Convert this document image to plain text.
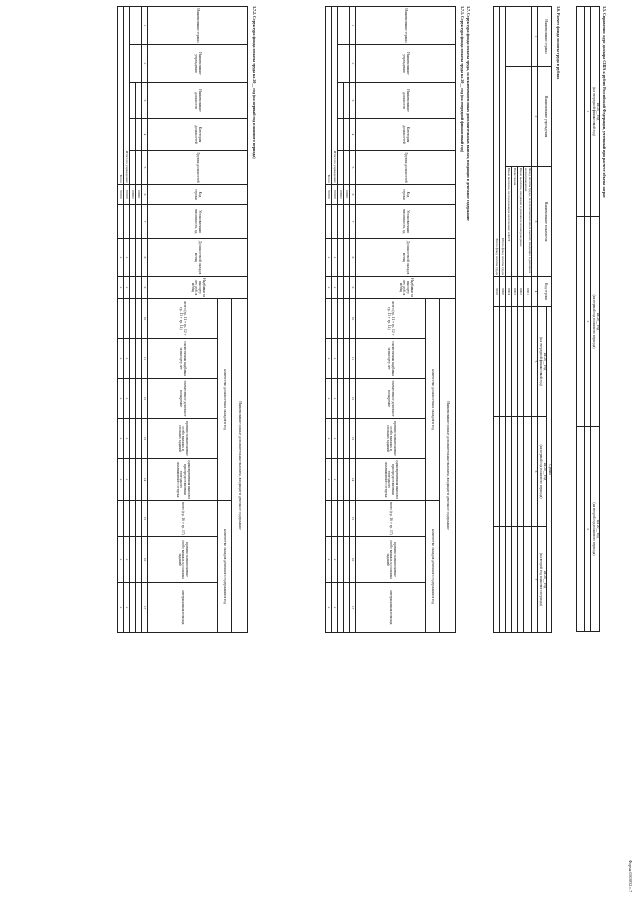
Форма 0503832 с.7
3.5. Справочно: курс доллара США к рублю Российской Федерации, учтенный при расчете объема затрат
на 20__ год
(на очередной финансовый год)	на 20__ год
(на первый год планового периода)	на 20__ год
(на второй год планового периода)
1	2	3

3.6. Расчет фонда оплаты труда в рублях
Наименование страны	Наименование учреждения	Наименование показателя	Код строки	Сумма		
				на 20__ год
(на очередной финансовый год)	на 20__ год
(на первый год планового периода)	на 20__ год
(на второй год планового периода)
1	2	3	4	5	6	7
		Фонд оплаты труда, за исключением иных выплат, входящих в денежное вознаграждение	0001			
		Иные выплаты, входящие в денежное вознаграждение	0002			
		Начисления	0003			
		Иные выплаты, не подлежащие включению в ФОТ	0004			
Итого фонд оплаты труда			9000			
Всего фонд оплаты труда			9010			
3.7. Структура фонда оплаты труда, за исключением иных дополнительных выплат, входящих в денежное содержание
3.7.1. Структура фонда оплаты труда на 20__ год (на очередной финансовый год)
Наименование страны	Наименование учреждения	Наименование должности	Категория должностей	Группа должностей	Код строки	Установленная численность, ед.	Должностной оклад в месяц	Надбавки за выслугу лет, руб. в месяц	Наименование и иные дополнительные выплаты, входящие в денежное содержание							
									количество должностных окладов в год					количество окладов денежного содержания в год		
									всего (гр. 11 + гр. 12 + гр. 13 + гр. 14)	ежемесячная надбавка за выслугу лет	ежемесячное денежное поощрение	премии за выполнение особо важных и сложных заданий	единовременная выплата при предоставлении ежегодного оплачиваемого отпуска	всего (гр. 16 + гр. 17)	премии за выполнение особо важных и сложных заданий	материальная помощь
1	2	3	4	5	6	7	8	9	10	11	12	13	14	15	16	17
					00001											
					00002											
Итого по учреждению					00100		x	x		x	x	x	x		x	x
Всего					90100		x	x		x	x	x	x		x	x
3.7.2. Структура фонда оплаты труда на 20__ год (на первый год планового периода)
Наименование страны	Наименование учреждения	Наименование должности	Категория должностей	Группа должностей	Код строки	Установленная численность, ед.	Должностной оклад в месяц	Надбавки за выслугу лет, руб. в месяц	Наименование и иные дополнительные выплаты, входящие в денежное содержание							
									количество должностных окладов в год					количество окладов денежного содержания в год		
									всего (гр. 11 + гр. 12 + гр. 13 + гр. 14)	ежемесячная надбавка за выслугу лет	ежемесячное денежное поощрение	премии за выполнение особо важных и сложных заданий	единовременная выплата при предоставлении ежегодного оплачиваемого отпуска	всего (гр. 16 + гр. 17)	премии за выполнение особо важных и сложных заданий	материальная помощь
1	2	3	4	5	6	7	8	9	10	11	12	13	14	15	16	17
					00001											
					00002											
Итого по учреждению					00100		x	x		x	x	x	x		x	x
Всего					90100		x	x		x	x	x	x		x	x
